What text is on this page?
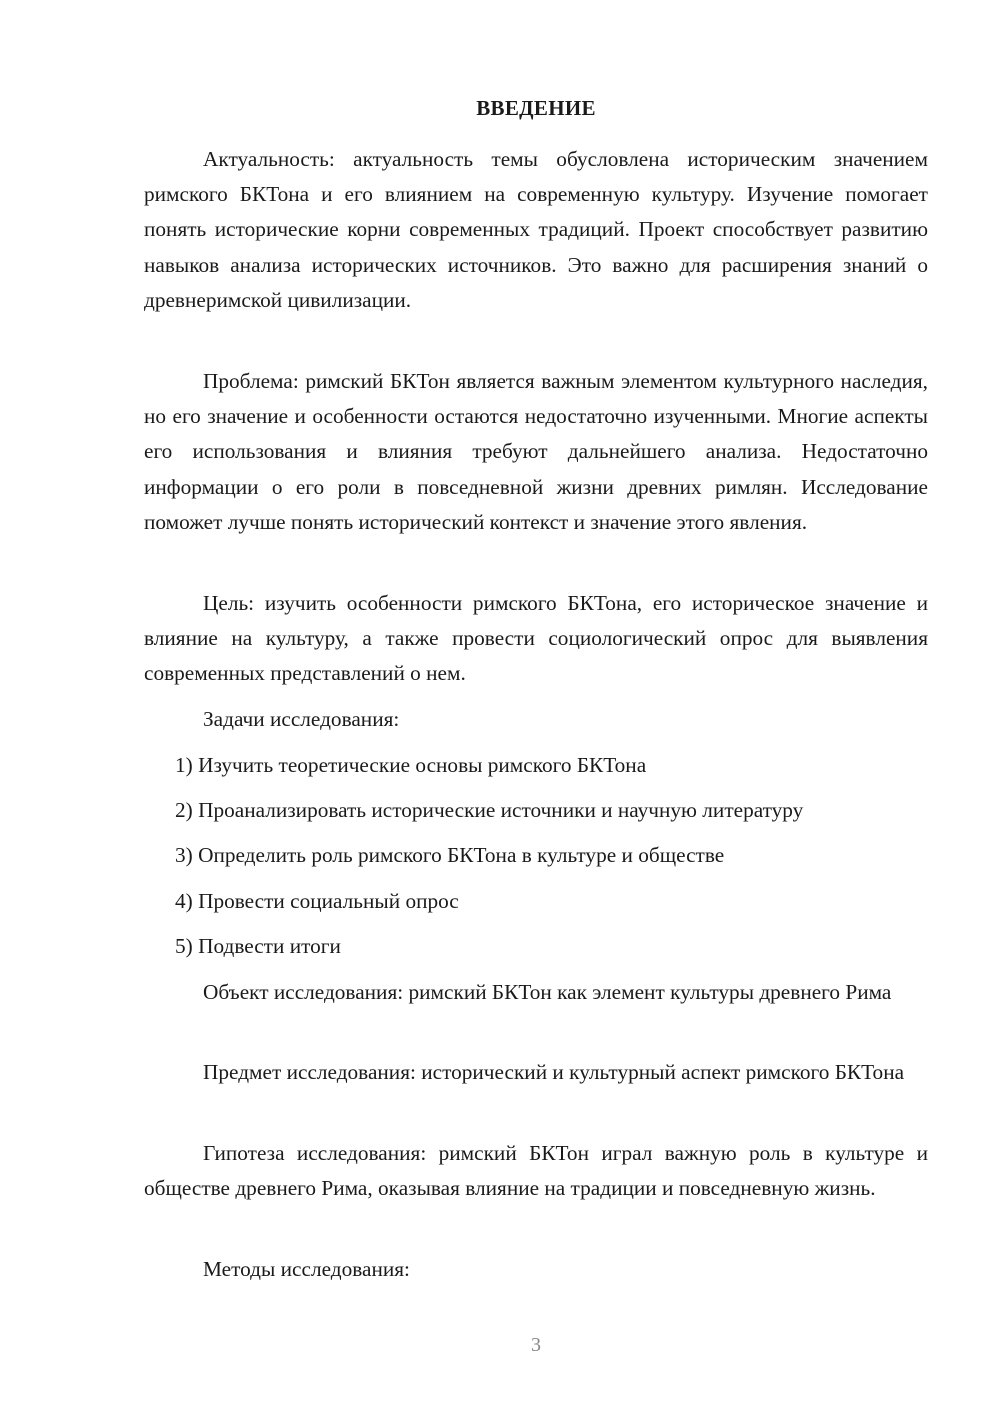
ВВЕДЕНИЕ

Актуальность: актуальность темы обусловлена историческим значением римского БКТона и его влиянием на современную культуру. Изучение помогает понять исторические корни современных традиций. Проект способствует развитию навыков анализа исторических источников. Это важно для расширения знаний о древнеримской цивилизации.

Проблема: римский БКТон является важным элементом культурного наследия, но его значение и особенности остаются недостаточно изученными. Многие аспекты его использования и влияния требуют дальнейшего анализа. Недостаточно информации о его роли в повседневной жизни древних римлян. Исследование поможет лучше понять исторический контекст и значение этого явления.

Цель: изучить особенности римского БКТона, его историческое значение и влияние на культуру, а также провести социологический опрос для выявления современных представлений о нем.

Задачи исследования:

1) Изучить теоретические основы римского БКТона

2) Проанализировать исторические источники и научную литературу

3) Определить роль римского БКТона в культуре и обществе

4) Провести социальный опрос

5) Подвести итоги

Объект исследования: римский БКТон как элемент культуры древнего Рима

Предмет исследования: исторический и культурный аспект римского БКТона

Гипотеза исследования: римский БКТон играл важную роль в культуре и обществе древнего Рима, оказывая влияние на традиции и повседневную жизнь.

Методы исследования:

3
